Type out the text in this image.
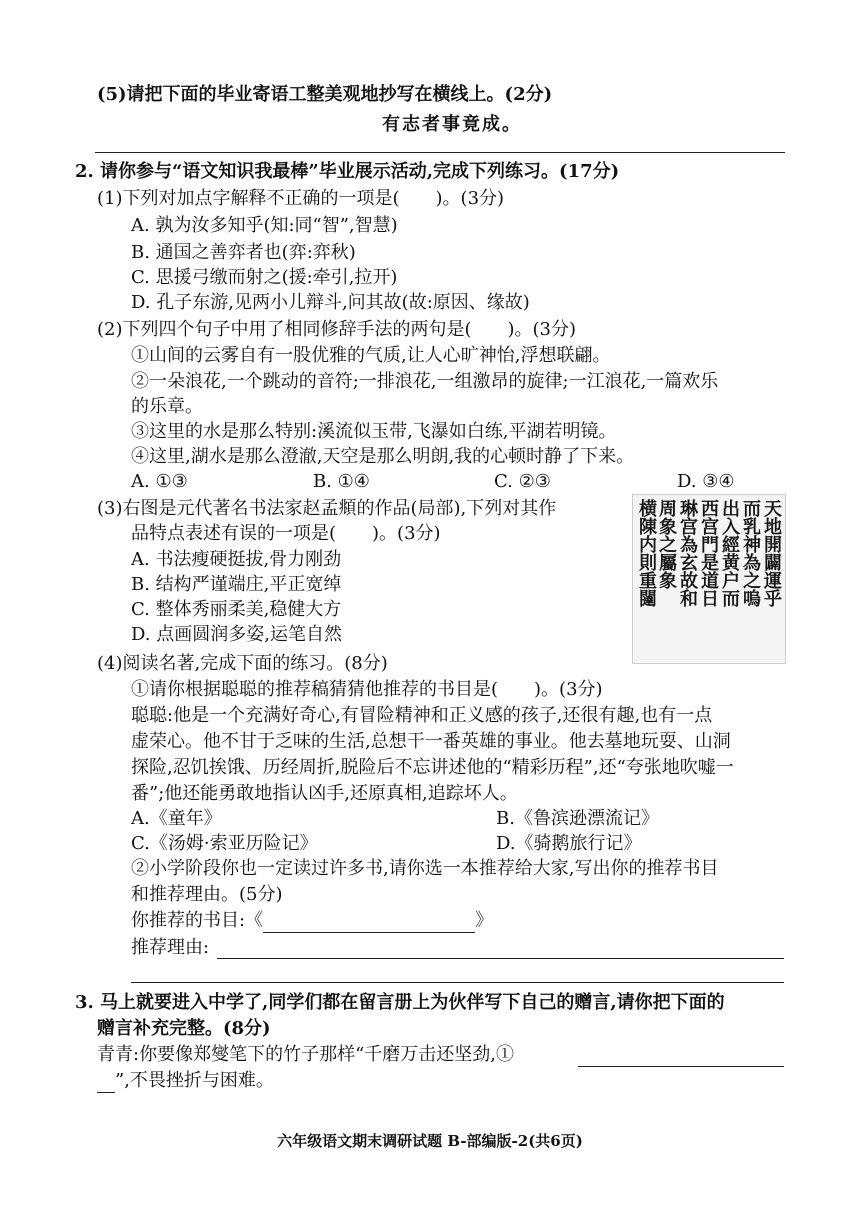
(5)请把下面的毕业寄语工整美观地抄写在横线上。(2分)
有志者事竟成。
2. 请你参与“语文知识我最棒”毕业展示活动,完成下列练习。(17分)
(1)下列对加点字解释不正确的一项是(　　)。(3分)
A. 孰为汝多知乎(知:同“智”,智慧)
B. 通国之善弈者也(弈:弈秋)
C. 思援弓缴而射之(援:牵引,拉开)
D. 孔子东游,见两小儿辩斗,问其故(故:原因、缘故)
(2)下列四个句子中用了相同修辞手法的两句是(　　)。(3分)
①山间的云雾自有一股优雅的气质,让人心旷神怡,浮想联翩。
②一朵浪花,一个跳动的音符;一排浪花,一组激昂的旋律;一江浪花,一篇欢乐
的乐章。
③这里的水是那么特别:溪流似玉带,飞瀑如白练,平湖若明镜。
④这里,湖水是那么澄澈,天空是那么明朗,我的心顿时静了下来。
A. ①③	B. ①④	C. ②③	D. ③④
(3)右图是元代著名书法家赵孟頫的作品(局部),下列对其作
品特点表述有误的一项是(　　)。(3分)
A. 书法瘦硬挺拔,骨力刚劲
B. 结构严谨端庄,平正宽绰
C. 整体秀丽柔美,稳健大方
D. 点画圆润多姿,运笔自然
天地開闢運乎
而乳神為之嗚
出入經黄户而
西宫門是道日
琳宫為玄故和
周象之屬象
横陳内則重闥
(4)阅读名著,完成下面的练习。(8分)
①请你根据聪聪的推荐稿猜猜他推荐的书目是(　　)。(3分)
聪聪:他是一个充满好奇心,有冒险精神和正义感的孩子,还很有趣,也有一点
虚荣心。他不甘于乏味的生活,总想干一番英雄的事业。他去墓地玩耍、山洞
探险,忍饥挨饿、历经周折,脱险后不忘讲述他的“精彩历程”,还“夸张地吹嘘一
番”;他还能勇敢地指认凶手,还原真相,追踪坏人。
A.《童年》	B.《鲁滨逊漂流记》
C.《汤姆·索亚历险记》	D.《骑鹅旅行记》
②小学阶段你也一定读过许多书,请你选一本推荐给大家,写出你的推荐书目
和推荐理由。(5分)
你推荐的书目:《	》
推荐理由:
3. 马上就要进入中学了,同学们都在留言册上为伙伴写下自己的赠言,请你把下面的
赠言补充完整。(8分)
青青:你要像郑燮笔下的竹子那样“千磨万击还坚劲,①
”,不畏挫折与困难。
六年级语文期末调研试题 B-部编版-2(共6页)
